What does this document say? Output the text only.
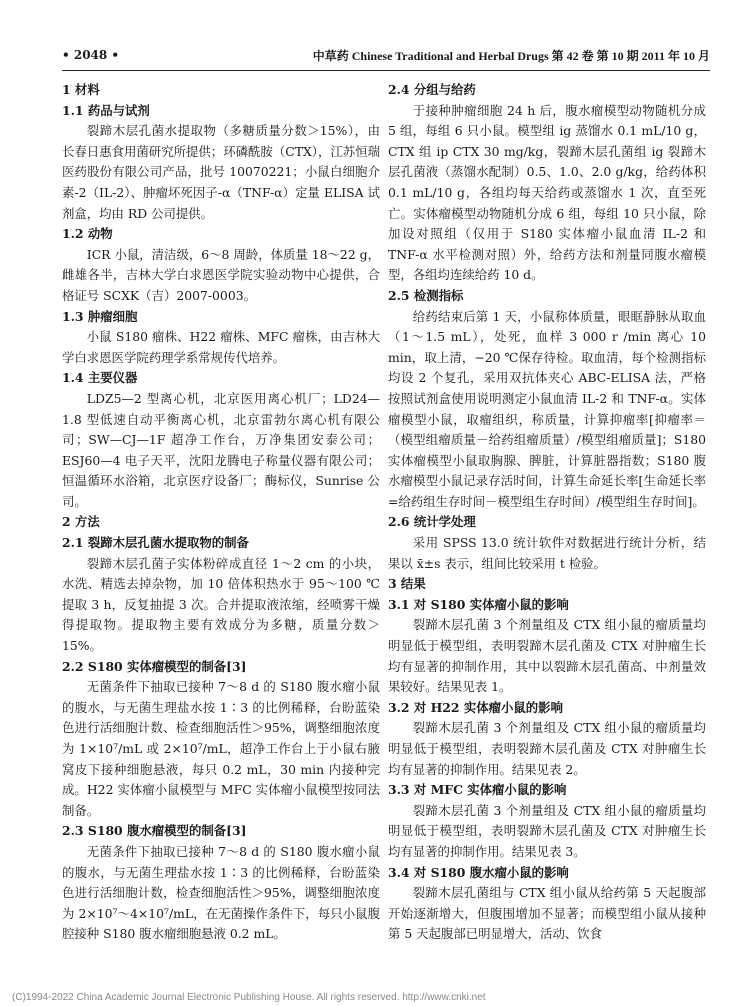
• 2048 •	中草药 Chinese Traditional and Herbal Drugs 第 42 卷 第 10 期 2011 年 10 月
1 材料
1.1 药品与试剂

裂蹄木层孔菌水提取物（多糖质量分数＞15%），由长春日惠食用菌研究所提供；环磷酰胺（CTX），江苏恒瑞医药股份有限公司产品，批号 10070221；小鼠白细胞介素-2（IL-2）、肿瘤坏死因子-α（TNF-α）定量 ELISA 试剂盒，均由 RD 公司提供。

1.2 动物

ICR 小鼠，清洁级，6～8 周龄，体质量 18～22 g，雌雄各半，吉林大学白求恩医学院实验动物中心提供，合格证号 SCXK（吉）2007-0003。

1.3 肿瘤细胞

小鼠 S180 瘤株、H22 瘤株、MFC 瘤株，由吉林大学白求恩医学院药理学系常规传代培养。

1.4 主要仪器

LDZ5—2 型离心机，北京医用离心机厂；LD24—1.8 型低速自动平衡离心机，北京雷勃尔离心机有限公司；SW—CJ—1F 超净工作台，万净集团安泰公司；ESJ60—4 电子天平，沈阳龙腾电子称量仪器有限公司；恒温循环水浴箱，北京医疗设备厂；酶标仪，Sunrise 公司。

2 方法
2.1 裂蹄木层孔菌水提取物的制备

裂蹄木层孔菌子实体粉碎成直径 1～2 cm 的小块，水洗、精选去掉杂物，加 10 倍体积热水于 95～100 ℃提取 3 h，反复抽提 3 次。合并提取液浓缩，经喷雾干燥得提取物。提取物主要有效成分为多糖，质量分数＞15%。

2.2 S180 实体瘤模型的制备[3]

无菌条件下抽取已接种 7～8 d 的 S180 腹水瘤小鼠的腹水，与无菌生理盐水按 1∶3 的比例稀释，台盼蓝染色进行活细胞计数、检查细胞活性＞95%，调整细胞浓度为 1×10⁷/mL 或 2×10⁷/mL，超净工作台上于小鼠右腋窝皮下接种细胞悬液，每只 0.2 mL，30 min 内接种完成。H22 实体瘤小鼠模型与 MFC 实体瘤小鼠模型按同法制备。

2.3 S180 腹水瘤模型的制备[3]

无菌条件下抽取已接种 7～8 d 的 S180 腹水瘤小鼠的腹水，与无菌生理盐水按 1∶3 的比例稀释，台盼蓝染色进行活细胞计数，检查细胞活性＞95%，调整细胞浓度为 2×10⁷～4×10⁷/mL，在无菌操作条件下，每只小鼠腹腔接种 S180 腹水瘤细胞悬液 0.2 mL。

2.4 分组与给药

于接种肿瘤细胞 24 h 后，腹水瘤模型动物随机分成 5 组，每组 6 只小鼠。模型组 ig 蒸馏水 0.1 mL/10 g，CTX 组 ip CTX 30 mg/kg，裂蹄木层孔菌组 ig 裂蹄木层孔菌液（蒸馏水配制）0.5、1.0、2.0 g/kg，给药体积 0.1 mL/10 g，各组均每天给药或蒸馏水 1 次，直至死亡。实体瘤模型动物随机分成 6 组，每组 10 只小鼠，除加设对照组（仅用于 S180 实体瘤小鼠血清 IL-2 和 TNF-α 水平检测对照）外，给药方法和剂量同腹水瘤模型，各组均连续给药 10 d。

2.5 检测指标

给药结束后第 1 天，小鼠称体质量，眼眶静脉从取血（1～1.5 mL），处死，血样 3 000 r /min 离心 10 min，取上清，−20 ℃保存待检。取血清，每个检测指标均设 2 个复孔，采用双抗体夹心 ABC-ELISA 法，严格按照试剂盒使用说明测定小鼠血清 IL-2 和 TNF-α。实体瘤模型小鼠，取瘤组织，称质量，计算抑瘤率[抑瘤率＝（模型组瘤质量－给药组瘤质量）/模型组瘤质量]；S180 实体瘤模型小鼠取胸腺、脾脏，计算脏器指数；S180 腹水瘤模型小鼠记录存活时间，计算生命延长率[生命延长率=给药组生存时间－模型组生存时间）/模型组生存时间]。

2.6 统计学处理

采用 SPSS 13.0 统计软件对数据进行统计分析，结果以 x̄±s 表示，组间比较采用 t 检验。

3 结果
3.1 对 S180 实体瘤小鼠的影响

裂蹄木层孔菌 3 个剂量组及 CTX 组小鼠的瘤质量均明显低于模型组，表明裂蹄木层孔菌及 CTX 对肿瘤生长均有显著的抑制作用，其中以裂蹄木层孔菌高、中剂量效果较好。结果见表 1。

3.2 对 H22 实体瘤小鼠的影响

裂蹄木层孔菌 3 个剂量组及 CTX 组小鼠的瘤质量均明显低于模型组，表明裂蹄木层孔菌及 CTX 对肿瘤生长均有显著的抑制作用。结果见表 2。

3.3 对 MFC 实体瘤小鼠的影响

裂蹄木层孔菌 3 个剂量组及 CTX 组小鼠的瘤质量均明显低于模型组，表明裂蹄木层孔菌及 CTX 对肿瘤生长均有显著的抑制作用。结果见表 3。

3.4 对 S180 腹水瘤小鼠的影响

裂蹄木层孔菌组与 CTX 组小鼠从给药第 5 天起腹部开始逐渐增大，但腹围增加不显著；而模型组小鼠从接种第 5 天起腹部已明显增大，活动、饮食

(C)1994-2022 China Academic Journal Electronic Publishing House. All rights reserved. http://www.cnki.net
